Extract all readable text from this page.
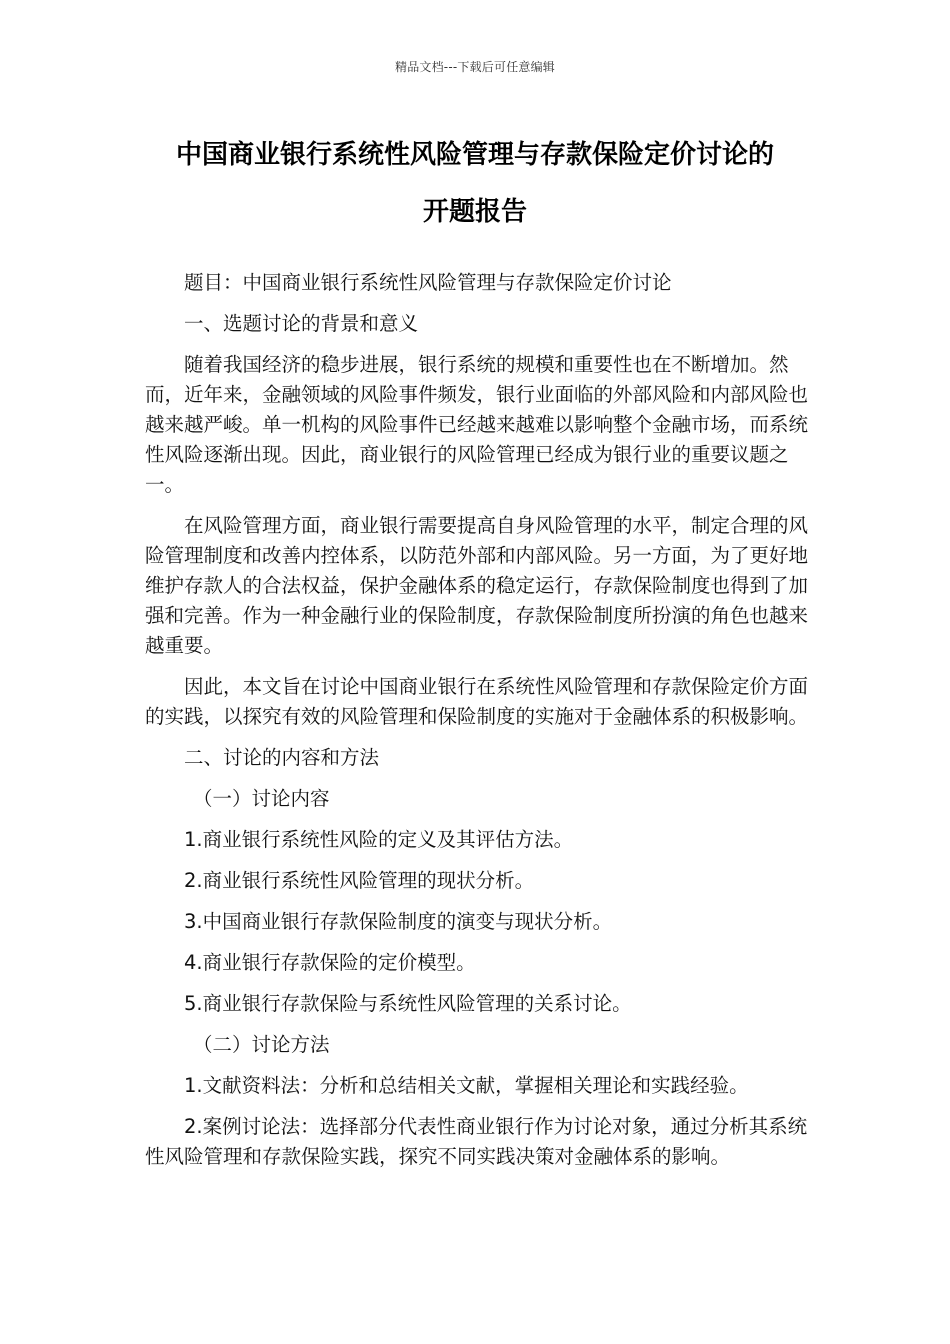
精品文档---下载后可任意编辑
中国商业银行系统性风险管理与存款保险定价讨论的
开题报告

题目：中国商业银行系统性风险管理与存款保险定价讨论

一、选题讨论的背景和意义

随着我国经济的稳步进展，银行系统的规模和重要性也在不断增加。然而，近年来，金融领域的风险事件频发，银行业面临的外部风险和内部风险也越来越严峻。单一机构的风险事件已经越来越难以影响整个金融市场，而系统性风险逐渐出现。因此，商业银行的风险管理已经成为银行业的重要议题之一。

在风险管理方面，商业银行需要提高自身风险管理的水平，制定合理的风险管理制度和改善内控体系，以防范外部和内部风险。另一方面，为了更好地维护存款人的合法权益，保护金融体系的稳定运行，存款保险制度也得到了加强和完善。作为一种金融行业的保险制度，存款保险制度所扮演的角色也越来越重要。

因此，本文旨在讨论中国商业银行在系统性风险管理和存款保险定价方面的实践，以探究有效的风险管理和保险制度的实施对于金融体系的积极影响。

二、讨论的内容和方法

（一）讨论内容

1.商业银行系统性风险的定义及其评估方法。

2.商业银行系统性风险管理的现状分析。

3.中国商业银行存款保险制度的演变与现状分析。

4.商业银行存款保险的定价模型。

5.商业银行存款保险与系统性风险管理的关系讨论。

（二）讨论方法

1.文献资料法：分析和总结相关文献，掌握相关理论和实践经验。

2.案例讨论法：选择部分代表性商业银行作为讨论对象，通过分析其系统性风险管理和存款保险实践，探究不同实践决策对金融体系的影响。
